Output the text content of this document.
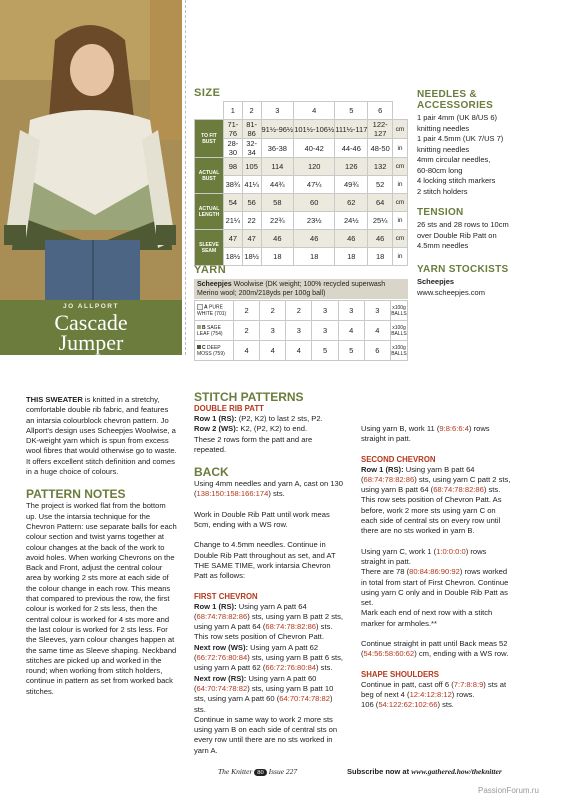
JO ALLPORT
Cascade
Jumper
SIZE
	1	2	3	4	5	6	
TO FIT BUST	71-76	81-86	91½-96½	101½-106½	111½-117	122-127	cm
	28-30	32-34	36-38	40-42	44-46	48-50	in
ACTUAL BUST	98	105	114	120	126	132	cm
	38¾	41¼	44¾	47¼	49¾	52	in
ACTUAL LENGTH	54	56	58	60	62	64	cm
	21¼	22	22¾	23½	24½	25¼	in
SLEEVE SEAM	47	47	46	46	46	46	cm
	18½	18½	18	18	18	18	in
YARN
Scheepjes Woolwise (DK weight; 100% recycled superwash Merino wool; 200m/218yds per 100g ball)
A PURE WHITE (701)	2	2	2	3	3	3	x100g BALLS
B SAGE LEAF (754)	2	3	3	3	4	4	x100g BALLS
C DEEP MOSS (759)	4	4	4	5	5	6	x100g BALLS
NEEDLES &
ACCESSORIES
1 pair 4mm (UK 8/US 6)
knitting needles
1 pair 4.5mm (UK 7/US 7)
knitting needles
4mm circular needles,
60-80cm long
4 locking stitch markers
2 stitch holders
TENSION
26 sts and 28 rows to 10cm
over Double Rib Patt on
4.5mm needles
YARN STOCKISTS
Scheepjes
www.scheepjes.com

THIS SWEATER is knitted in a stretchy, comfortable double rib fabric, and features an intarsia colourblock chevron pattern. Jo Allport's design uses Scheepjes Woolwise, a DK-weight yarn which is spun from excess wool fibres that would otherwise go to waste. It offers excellent stitch definition and comes in a huge choice of colours.

PATTERN NOTES
The project is worked flat from the bottom up. Use the intarsia technique for the Chevron Pattern: use separate balls for each colour section and twist yarns together at colour changes at the back of the work to avoid holes. When working Chevrons on the Back and Front, adjust the central colour area by working 2 sts more at each side of the colour change in each row. This means that compared to previous the row, the first colour is worked for 2 sts less, then the central colour is worked for 4 sts more and the last colour is worked for 2 sts less. For the Sleeves, yarn colour changes happen at the same time as Sleeve shaping. Neckband stitches are picked up and worked in the round; when working from stitch holders, continue in pattern as set from worked back stitches.
STITCH PATTERNS
DOUBLE RIB PATT
Row 1 (RS): (P2, K2) to last 2 sts, P2.
Row 2 (WS): K2, (P2, K2) to end.

These 2 rows form the patt and are repeated.

BACK

Using 4mm needles and yarn A, cast on 130 (138:150:158:166:174) sts.

Work in Double Rib Patt until work meas 5cm, ending with a WS row.

Change to 4.5mm needles. Continue in Double Rib Patt throughout as set, and AT THE SAME TIME, work intarsia Chevron Patt as follows:

FIRST CHEVRON
Row 1 (RS): Using yarn A patt 64 (68:74:78:82:86) sts, using yarn B patt 2 sts, using yarn A patt 64 (68:74:78:82:86) sts.
This row sets position of Chevron Patt.
Next row (WS): Using yarn A patt 62 (66:72:76:80:84) sts, using yarn B patt 6 sts, using yarn A patt 62 (66:72:76:80:84) sts.
Next row (RS): Using yarn A patt 60 (64:70:74:78:82) sts, using yarn B patt 10 sts, using yarn A patt 60 (64:70:74:78:82) sts.
Continue in same way to work 2 more sts using yarn B on each side of central sts on every row until there are no sts worked in yarn A.

Using yarn B, work 11 (9:8:6:6:4) rows straight in patt.

SECOND CHEVRON
Row 1 (RS): Using yarn B patt 64 (68:74:78:82:86) sts, using yarn C patt 2 sts, using yarn B patt 64 (68:74:78:82:86) sts.

This row sets position of Chevron Patt. As before, work 2 more sts using yarn C on each side of central sts on every row until there are no sts worked in yarn B.

Using yarn C, work 1 (1:0:0:0:0) rows straight in patt.
There are 78 (80:84:86:90:92) rows worked in total from start of First Chevron. Continue using yarn C only and in Double Rib Patt as set.

Mark each end of next row with a stitch marker for armholes.**

Continue straight in patt until Back meas 52 (54:56:58:60:62) cm, ending with a WS row.

SHAPE SHOULDERS
Continue in patt, cast off 6 (7:7:8:8:9) sts at beg of next 4 (12:4:12:8:12) rows.
106 (54:122:62:102:66) sts.
The Knitter 80 Issue 227	Subscribe now at www.gathered.how/theknitter
PassionForum.ru
